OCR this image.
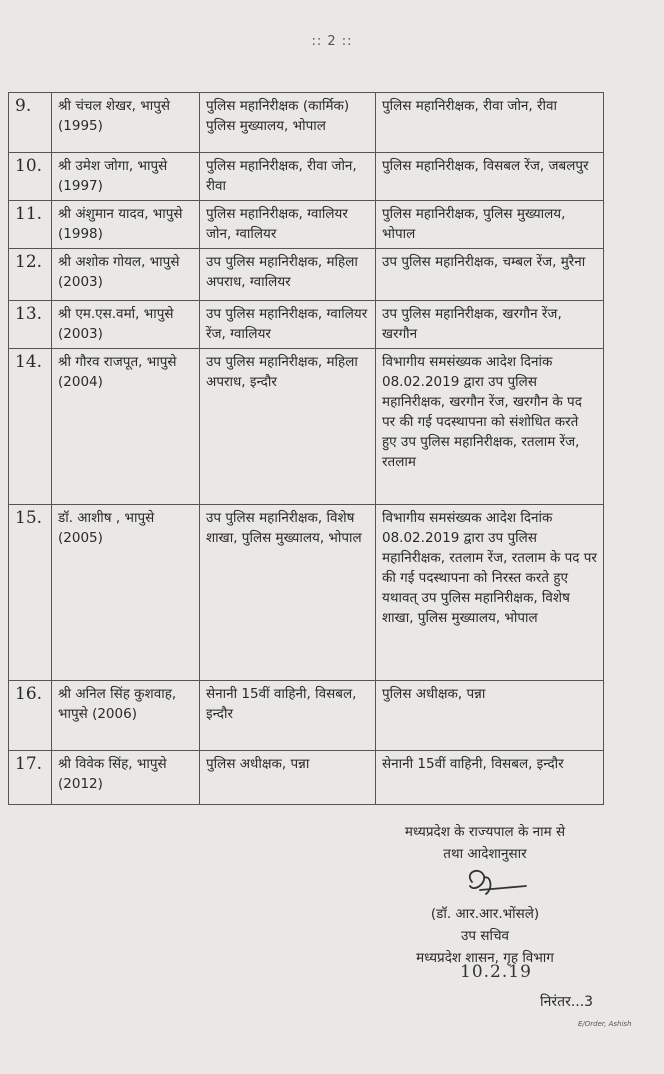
:: 2 ::
9.	श्री चंचल शेखर, भापुसे (1995)	पुलिस महानिरीक्षक (कार्मिक) पुलिस मुख्यालय, भोपाल	पुलिस महानिरीक्षक, रीवा जोन, रीवा
10.	श्री उमेश जोगा, भापुसे (1997)	पुलिस महानिरीक्षक, रीवा जोन, रीवा	पुलिस महानिरीक्षक, विसबल रेंज, जबलपुर
11.	श्री अंशुमान यादव, भापुसे (1998)	पुलिस महानिरीक्षक, ग्वालियर जोन, ग्वालियर	पुलिस महानिरीक्षक, पुलिस मुख्यालय, भोपाल
12.	श्री अशोक गोयल, भापुसे (2003)	उप पुलिस महानिरीक्षक, महिला अपराध, ग्वालियर	उप पुलिस महानिरीक्षक, चम्बल रेंज, मुरैना
13.	श्री एम.एस.वर्मा, भापुसे (2003)	उप पुलिस महानिरीक्षक, ग्वालियर रेंज, ग्वालियर	उप पुलिस महानिरीक्षक, खरगौन रेंज, खरगौन
14.	श्री गौरव राजपूत, भापुसे (2004)	उप पुलिस महानिरीक्षक, महिला अपराध, इन्दौर	विभागीय समसंख्यक आदेश दिनांक 08.02.2019 द्वारा उप पुलिस महानिरीक्षक, खरगौन रेंज, खरगौन के पद पर की गई पदस्थापना को संशोधित करते हुए उप पुलिस महानिरीक्षक, रतलाम रेंज, रतलाम
15.	डॉ. आशीष , भापुसे (2005)	उप पुलिस महानिरीक्षक, विशेष शाखा, पुलिस मुख्यालय, भोपाल	विभागीय समसंख्यक आदेश दिनांक 08.02.2019 द्वारा उप पुलिस महानिरीक्षक, रतलाम रेंज, रतलाम के पद पर की गई पदस्थापना को निरस्त करते हुए यथावत् उप पुलिस महानिरीक्षक, विशेष शाखा, पुलिस मुख्यालय, भोपाल
16.	श्री अनिल सिंह कुशवाह, भापुसे (2006)	सेनानी 15वीं वाहिनी, विसबल, इन्दौर	पुलिस अधीक्षक, पन्ना
17.	श्री विवेक सिंह, भापुसे (2012)	पुलिस अधीक्षक, पन्ना	सेनानी 15वीं वाहिनी, विसबल, इन्दौर
मध्यप्रदेश के राज्यपाल के नाम से
तथा आदेशानुसार
(डॉ. आर.आर.भोंसले)
उप सचिव
मध्यप्रदेश शासन, गृह विभाग
10.2.19
निरंतर...3
E/Order, Ashish
